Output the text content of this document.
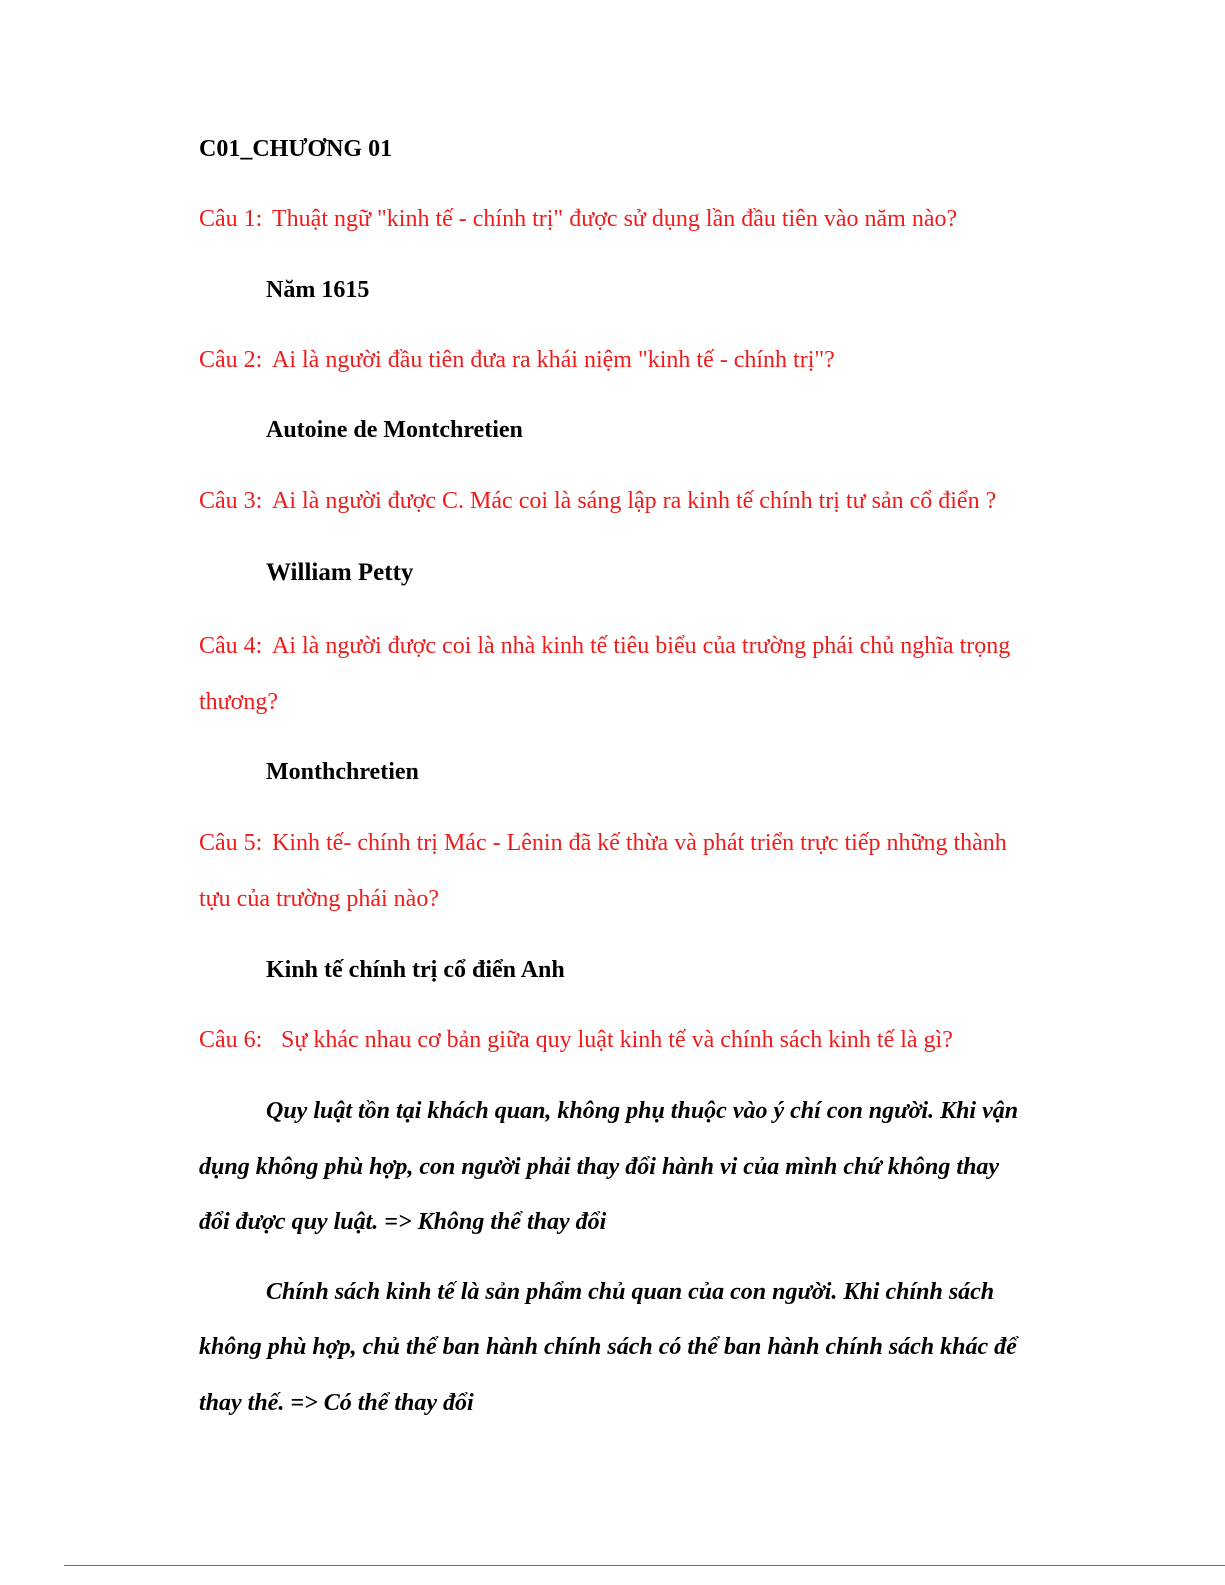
C01_CHƯƠNG 01
Câu 1: Thuật ngữ "kinh tế - chính trị" được sử dụng lần đầu tiên vào năm nào?
Năm 1615
Câu 2: Ai là người đầu tiên đưa ra khái niệm "kinh tế - chính trị"?
Autoine de Montchretien
Câu 3: Ai là người được C. Mác coi là sáng lập ra kinh tế chính trị tư sản cổ điển ?
William Petty
Câu 4: Ai là người được coi là nhà kinh tế tiêu biểu của trường phái chủ nghĩa trọng
thương?
Monthchretien
Câu 5: Kinh tế- chính trị Mác - Lênin đã kế thừa và phát triển trực tiếp những thành
tựu của trường phái nào?
Kinh tế chính trị cổ điển Anh
Câu 6: Sự khác nhau cơ bản giữa quy luật kinh tế và chính sách kinh tế là gì?
Quy luật tồn tại khách quan, không phụ thuộc vào ý chí con người. Khi vận
dụng không phù hợp, con người phải thay đổi hành vi của mình chứ không thay
đổi được quy luật. => Không thể thay đổi
Chính sách kinh tế là sản phẩm chủ quan của con người. Khi chính sách
không phù hợp, chủ thể ban hành chính sách có thể ban hành chính sách khác để
thay thế. => Có thể thay đổi
